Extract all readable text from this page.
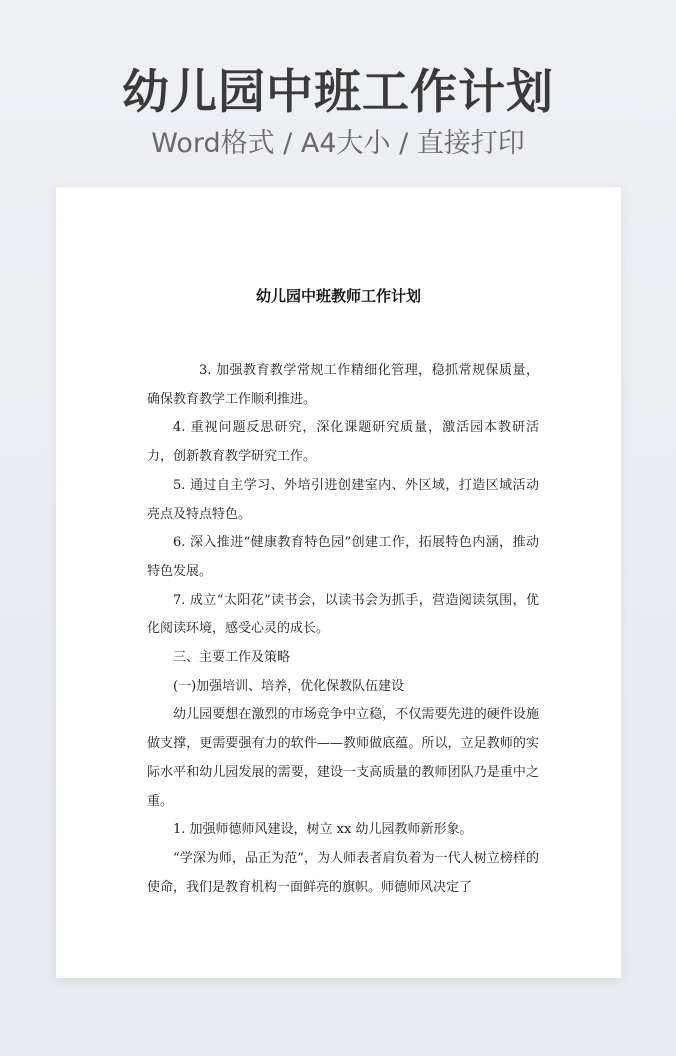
幼儿园中班工作计划
Word格式 / A4大小 / 直接打印
幼儿园中班教师工作计划

3. 加强教育教学常规工作精细化管理，稳抓常规保质量，确保教育教学工作顺利推进。

4. 重视问题反思研究，深化课题研究质量，激活园本教研活力，创新教育教学研究工作。

5. 通过自主学习、外培引进创建室内、外区域，打造区域活动亮点及特点特色。

6. 深入推进“健康教育特色园”创建工作，拓展特色内涵，推动特色发展。

7. 成立“太阳花”读书会，以读书会为抓手，营造阅读氛围，优化阅读环境，感受心灵的成长。

三、主要工作及策略

(一)加强培训、培养，优化保教队伍建设

幼儿园要想在激烈的市场竞争中立稳，不仅需要先进的硬件设施做支撑，更需要强有力的软件——教师做底蕴。所以，立足教师的实际水平和幼儿园发展的需要，建设一支高质量的教师团队乃是重中之重。

1. 加强师德师风建设，树立 xx 幼儿园教师新形象。

“学深为师，品正为范”，为人师表者肩负着为一代人树立榜样的使命，我们是教育机构一面鲜亮的旗帜。师德师风决定了
